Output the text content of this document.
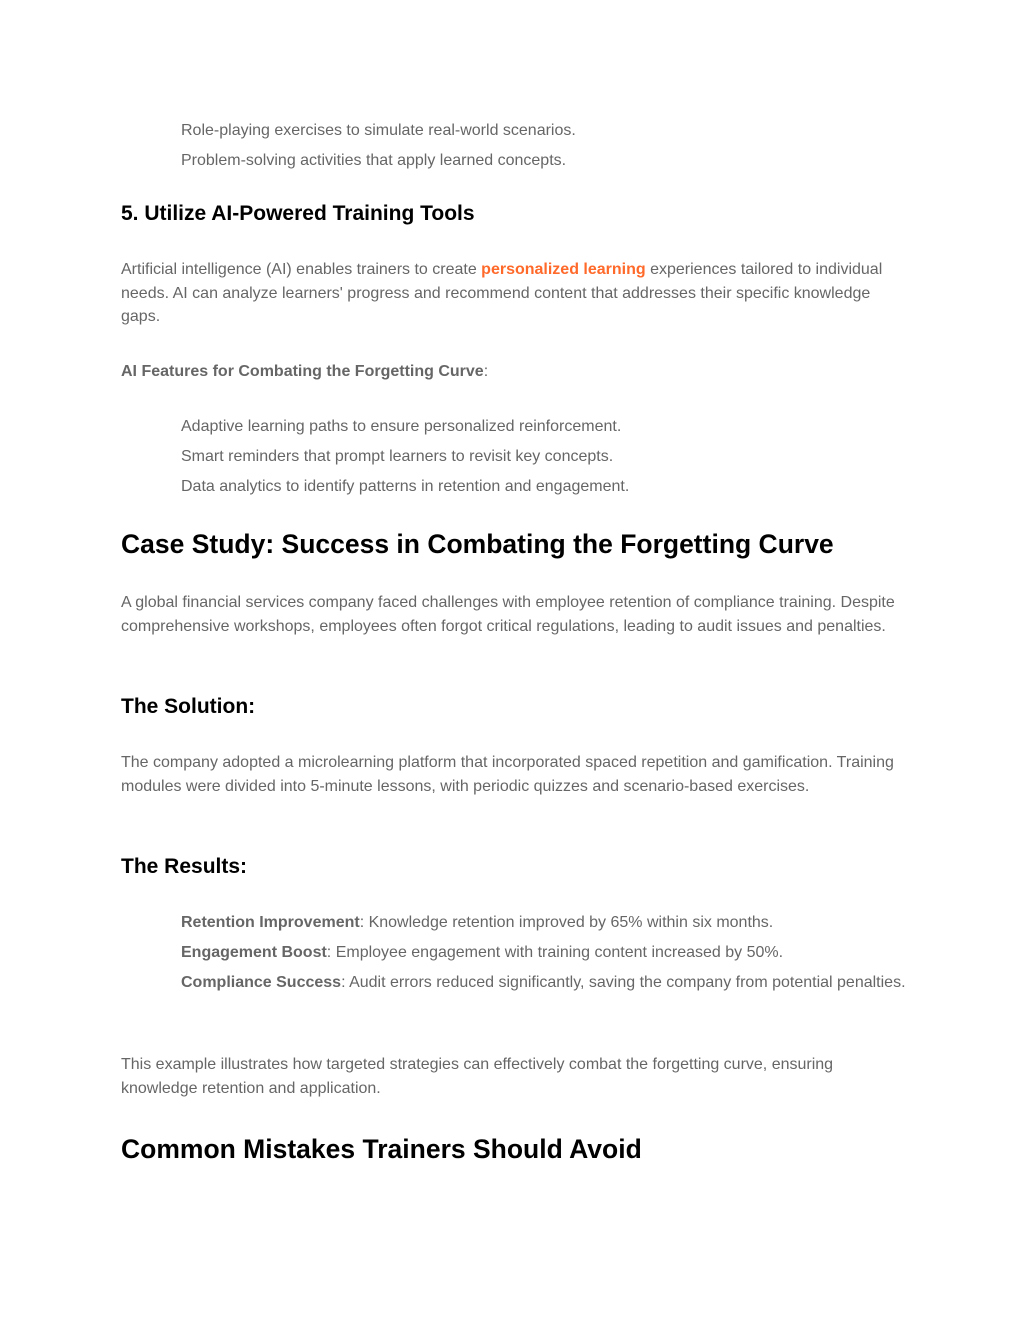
Role-playing exercises to simulate real-world scenarios.
Problem-solving activities that apply learned concepts.
5. Utilize AI-Powered Training Tools

Artificial intelligence (AI) enables trainers to create personalized learning experiences tailored to individual needs. AI can analyze learners' progress and recommend content that addresses their specific knowledge gaps.

AI Features for Combating the Forgetting Curve:

Adaptive learning paths to ensure personalized reinforcement.
Smart reminders that prompt learners to revisit key concepts.
Data analytics to identify patterns in retention and engagement.
Case Study: Success in Combating the Forgetting Curve

A global financial services company faced challenges with employee retention of compliance training. Despite comprehensive workshops, employees often forgot critical regulations, leading to audit issues and penalties.

The Solution:

The company adopted a microlearning platform that incorporated spaced repetition and gamification. Training modules were divided into 5-minute lessons, with periodic quizzes and scenario-based exercises.

The Results:
Retention Improvement: Knowledge retention improved by 65% within six months.
Engagement Boost: Employee engagement with training content increased by 50%.
Compliance Success: Audit errors reduced significantly, saving the company from potential penalties.

This example illustrates how targeted strategies can effectively combat the forgetting curve, ensuring knowledge retention and application.

Common Mistakes Trainers Should Avoid
